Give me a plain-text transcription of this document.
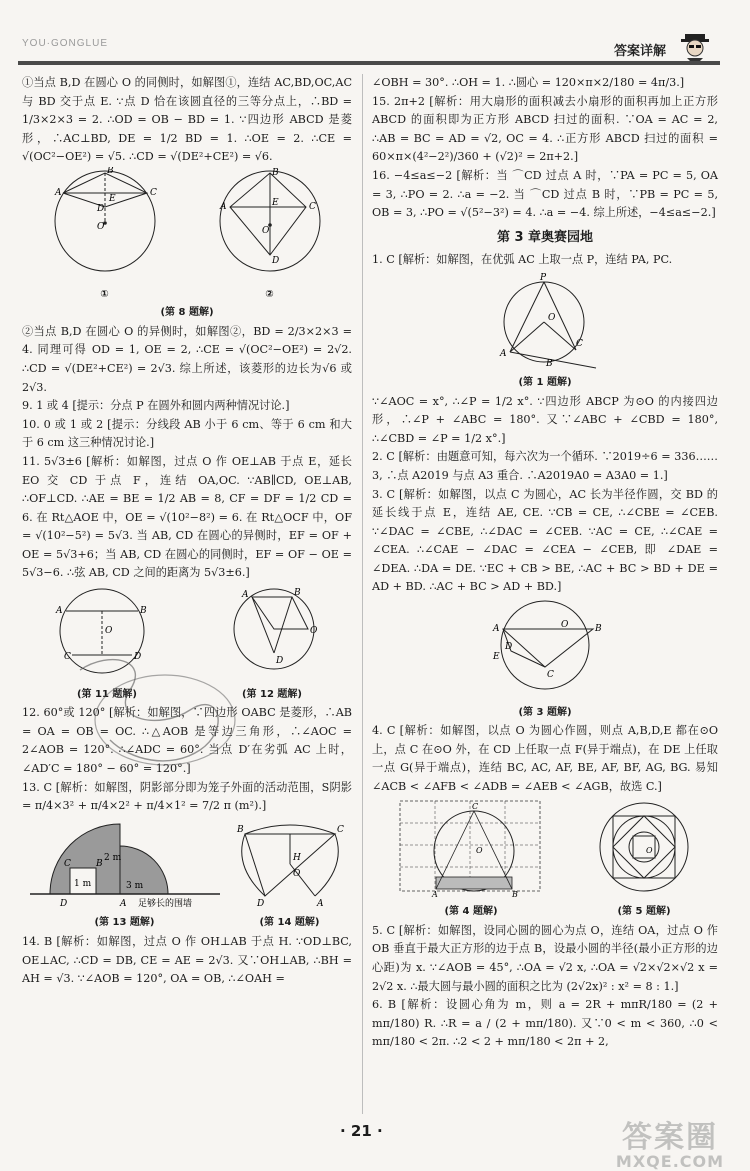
YOU·GONGLUE
答案详解

①当点 B,D 在圆心 O 的同侧时，如解图①，连结 AC,BD,OC,AC 与 BD 交于点 E. ∵点 D 恰在该圆直径的三等分点上，∴BD = 1/3×2×3 = 2. ∴OD = OB − BD = 1. ∵四边形 ABCD 是菱形，∴AC⊥BD, DE = 1/2 BD = 1. ∴OE = 2. ∴CE = √(OC²−OE²) = √5. ∴CD = √(DE²+CE²) = √6.

A
B
C
D
E
O
①
B
A	C
D
E
O
②
(第 8 题解)

②当点 B,D 在圆心 O 的异侧时，如解图②，BD = 2/3×2×3 = 4. 同理可得 OD = 1, OE = 2, ∴CE = √(OC²−OE²) = 2√2. ∴CD = √(DE²+CE²) = 2√3. 综上所述，该菱形的边长为√6 或 2√3.

9. 1 或 4 [提示：分点 P 在圆外和圆内两种情况讨论.]

10. 0 或 1 或 2 [提示：分线段 AB 小于 6 cm、等于 6 cm 和大于 6 cm 这三种情况讨论.]

11. 5√3±6 [解析：如解图，过点 O 作 OE⊥AB 于点 E，延长 EO 交 CD 于点 F，连结 OA,OC. ∵AB∥CD, OE⊥AB, ∴OF⊥CD. ∴AE = BE = 1/2 AB = 8, CF = DF = 1/2 CD = 6. 在 Rt△AOE 中，OE = √(10²−8²) = 6. 在 Rt△OCF 中，OF = √(10²−5²) = 5√3. 当 AB, CD 在圆心的异侧时，EF = OF + OE = 5√3+6；当 AB, CD 在圆心的同侧时，EF = OF − OE = 5√3−6. ∴弦 AB, CD 之间的距离为 5√3±6.]

A	B
C	D
O
(第 11 题解)
A	B
O
D
(第 12 题解)

12. 60°或 120° [解析：如解图，∵四边形 OABC 是菱形，∴AB = OA = OB = OC. ∴△AOB 是等边三角形，∴∠AOC = 2∠AOB = 120°. ∴∠ADC = 60°. 当点 D′在劣弧 AC 上时，∠AD′C = 180° − 60° = 120°.]

13. C [解析：如解图，阴影部分即为笼子外面的活动范围，S阴影 = π/4×3² + π/4×2² + π/4×1² = 7/2 π (m²).]

2 m
1 m	3 m
C	B
D	A 足够长的围墙
(第 13 题解)
B	C
D	A
H
O
(第 14 题解)

14. B [解析：如解图，过点 O 作 OH⊥AB 于点 H. ∵OD⊥BC, OE⊥AC, ∴CD = DB, CE = AE = 2√3. 又∵OH⊥AB, ∴BH = AH = √3. ∵∠AOB = 120°, OA = OB, ∴∠OAH =

∠OBH = 30°. ∴OH = 1. ∴圆心 = 120×π×2/180 = 4π/3.]

15. 2π+2 [解析：用大扇形的面积减去小扇形的面积再加上正方形 ABCD 的面积即为正方形 ABCD 扫过的面积. ∵OA = AC = 2, ∴AB = BC = AD = √2, OC = 4. ∴正方形 ABCD 扫过的面积 = 60×π×(4²−2²)/360 + (√2)² = 2π+2.]

16. −4≤a≤−2 [解析：当 ⌒CD 过点 A 时，∵PA = PC = 5, OA = 3, ∴PO = 2. ∴a = −2. 当 ⌒CD 过点 B 时，∵PB = PC = 5, OB = 3, ∴PO = √(5²−3²) = 4. ∴a = −4. 综上所述，−4≤a≤−2.]

第 3 章奥赛园地

1. C [解析：如解图，在优弧 AC 上取一点 P，连结 PA, PC.

P
A
C
B
O
(第 1 题解)

∵∠AOC = x°, ∴∠P = 1/2 x°. ∵四边形 ABCP 为⊙O 的内接四边形，∴∠P + ∠ABC = 180°. 又∵∠ABC + ∠CBD = 180°, ∴∠CBD = ∠P = 1/2 x°.]

2. C [解析：由题意可知，每六次为一个循环. ∵2019÷6 = 336……3, ∴点 A2019 与点 A3 重合. ∴A2019A0 = A3A0 = 1.]

3. C [解析：如解图，以点 C 为圆心，AC 长为半径作圆，交 BD 的延长线于点 E，连结 AE, CE. ∵CB = CE, ∴∠CBE = ∠CEB. ∵∠DAC = ∠CBE, ∴∠DAC = ∠CEB. ∵AC = CE, ∴∠CAE = ∠CEA. ∴∠CAE − ∠DAC = ∠CEA − ∠CEB, 即 ∠DAE = ∠DEA. ∴DA = DE. ∵EC + CB > BE, ∴AC + BC > BD + DE = AD + BD. ∴AC + BC > AD + BD.]

A	B
C
D
E
O
(第 3 题解)

4. C [解析：如解图，以点 O 为圆心作圆，则点 A,B,D,E 都在⊙O 上，点 C 在⊙O 外，在 CD 上任取一点 F(异于端点)，在 DE 上任取一点 G(异于端点)，连结 BC, AC, AF, BE, AF, BF, AG, BG. 易知∠ACB < ∠AFB < ∠ADB = ∠AEB < ∠AGB，故选 C.]

C
A	B
O
(第 4 题解)
O
(第 5 题解)

5. C [解析：如解图，设同心圆的圆心为点 O，连结 OA，过点 O 作 OB 垂直于最大正方形的边于点 B，设最小圆的半径(最小正方形的边心距)为 x. ∵∠AOB = 45°, ∴OA = √2 x, ∴OA = √2×√2×√2 x = 2√2 x. ∴最大圆与最小圆的面积之比为 (2√2x)² : x² = 8 : 1.]

6. B [解析：设圆心角为 m，则 a = 2R + mπR/180 = (2 + mπ/180) R. ∴R = a / (2 + mπ/180). 又∵0 < m < 360, ∴0 < mπ/180 < 2π. ∴2 < 2 + mπ/180 < 2π + 2,

· 21 ·	答案圈
MXQE.COM
